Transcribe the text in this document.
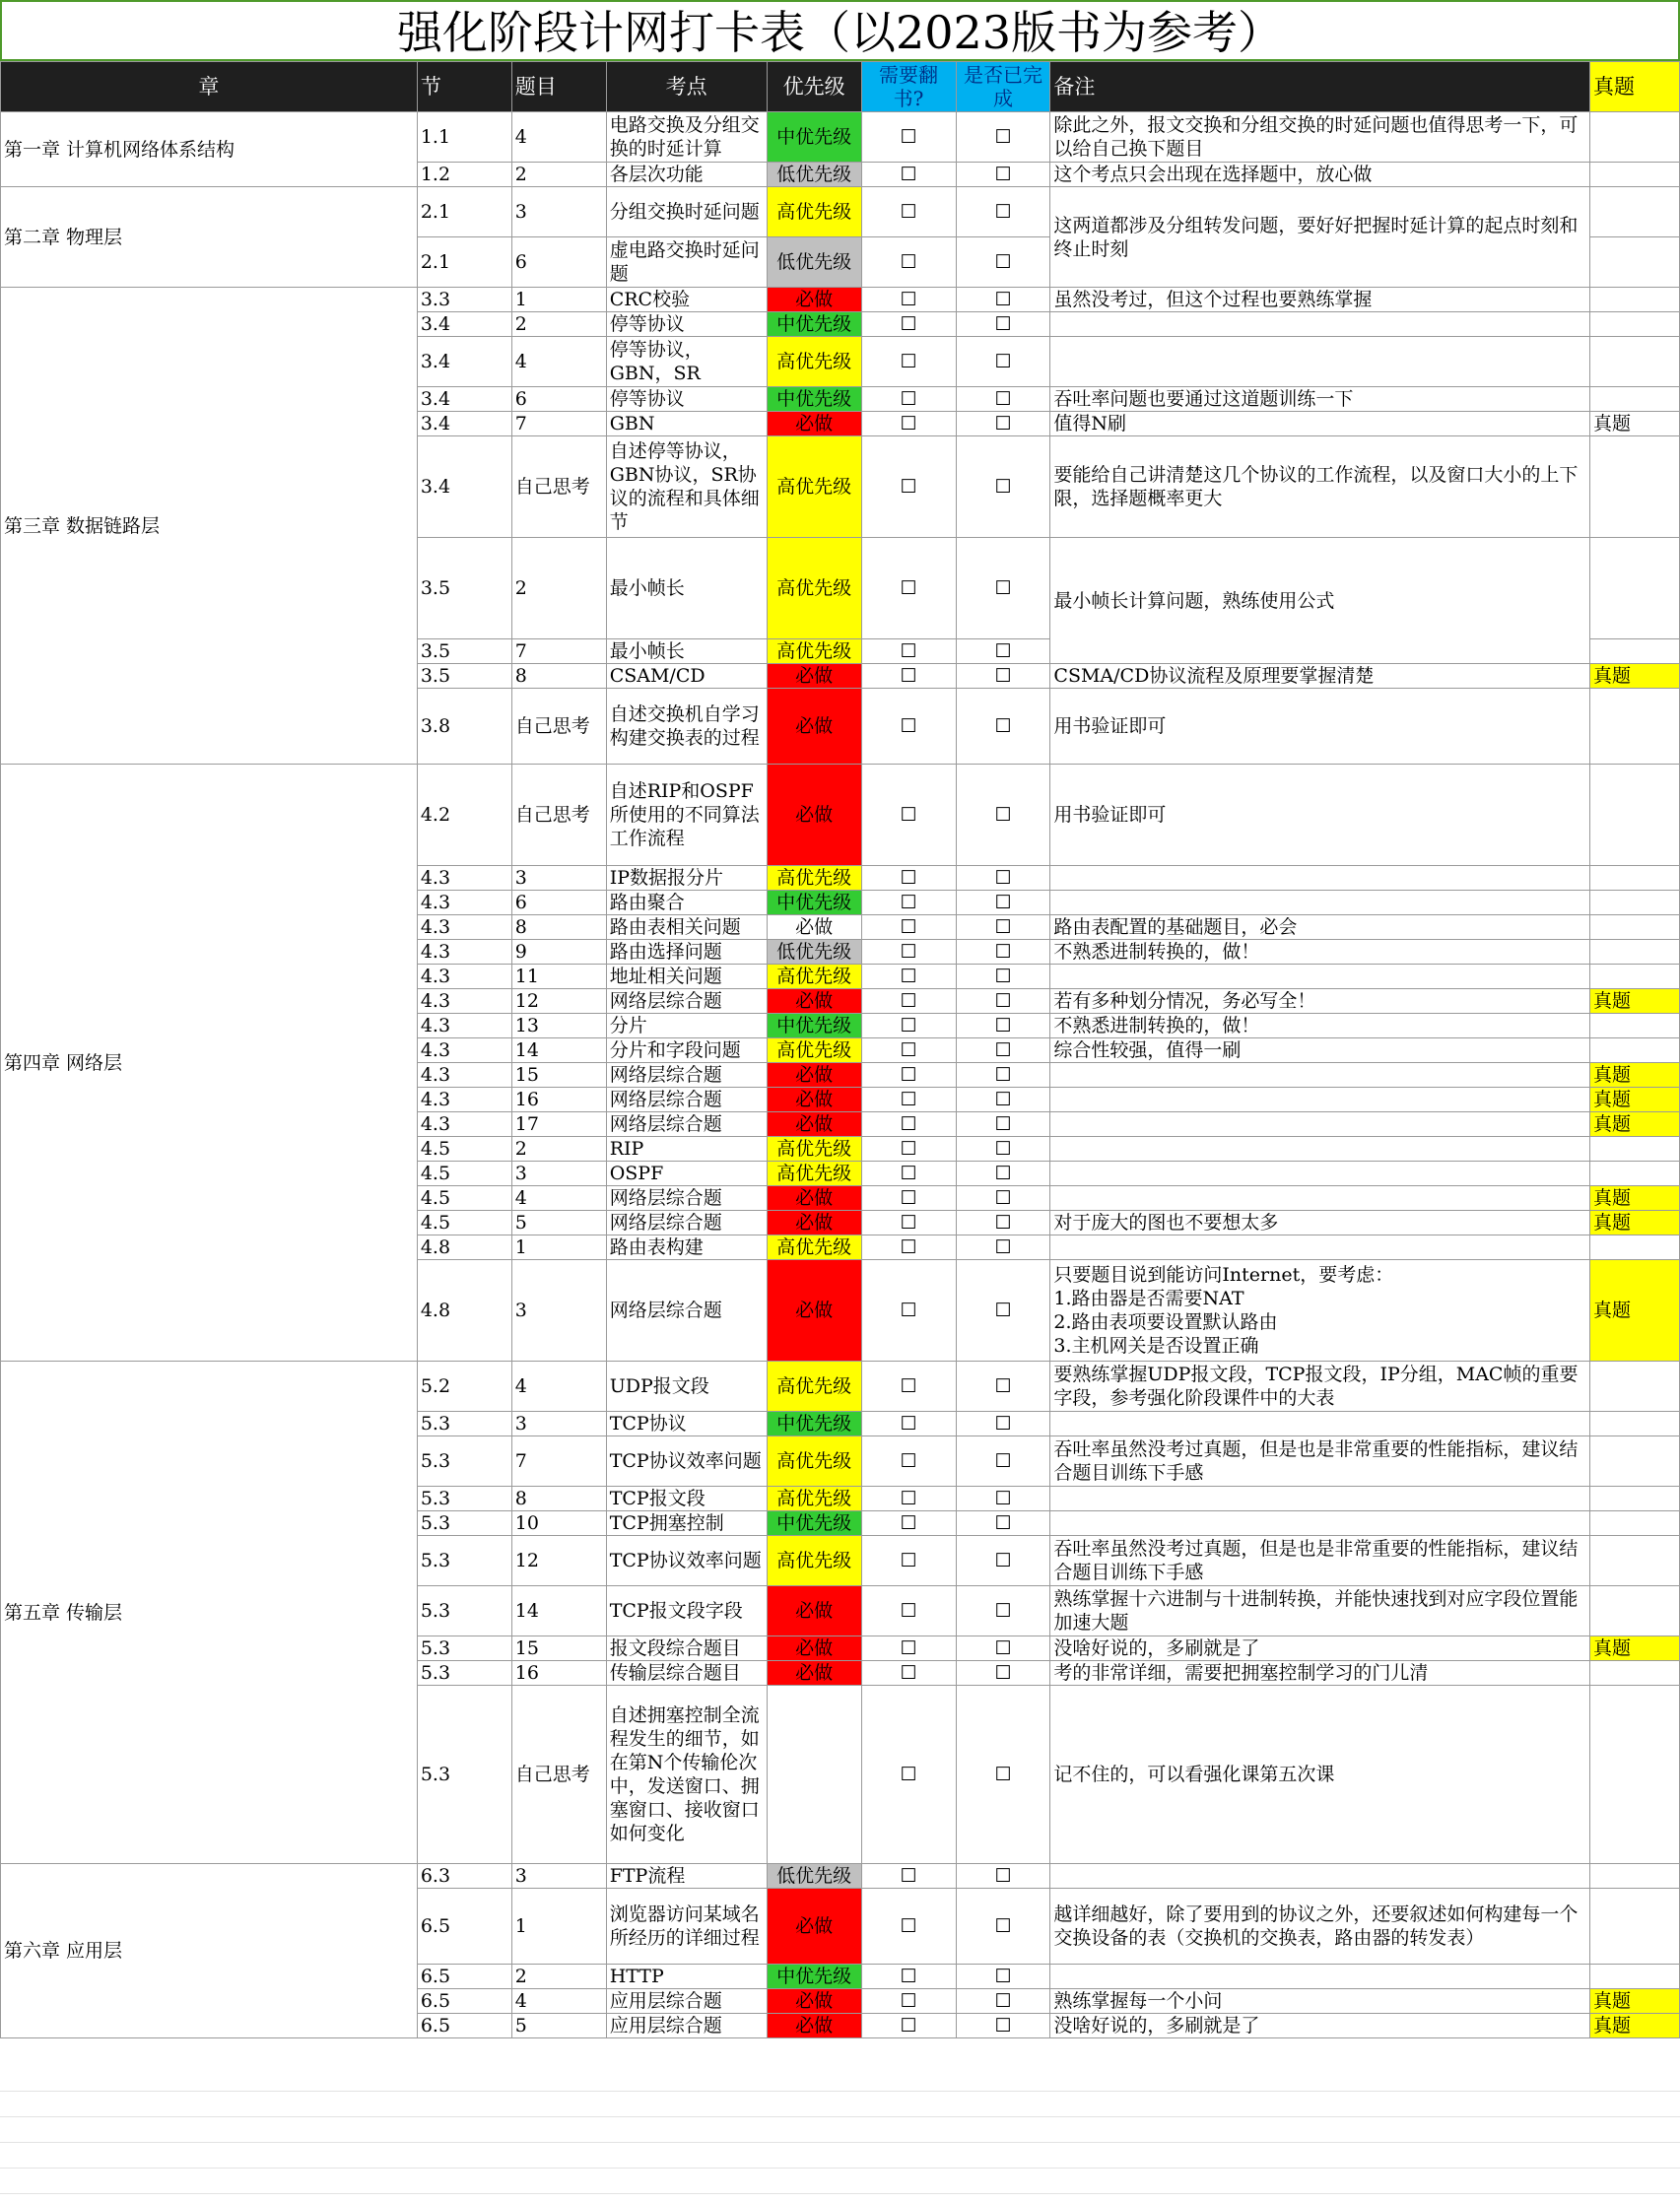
强化阶段计网打卡表（以2023版书为参考）
章	节	题目	考点	优先级	需要翻书?	是否已完成	备注	真题
第一章 计算机网络体系结构	1.1	4	电路交换及分组交换的时延计算	中优先级	☐	☐	除此之外，报文交换和分组交换的时延问题也值得思考一下，可以给自己换下题目	
	1.2	2	各层次功能	低优先级	☐	☐	这个考点只会出现在选择题中，放心做	
第二章 物理层	2.1	3	分组交换时延问题	高优先级	☐	☐	这两道都涉及分组转发问题，要好好把握时延计算的起点时刻和终止时刻	
	2.1	6	虚电路交换时延问题	低优先级	☐	☐		
第三章 数据链路层	3.3	1	CRC校验	必做	☐	☐	虽然没考过，但这个过程也要熟练掌握	
	3.4	2	停等协议	中优先级	☐	☐		
	3.4	4	停等协议，GBN，SR	高优先级	☐	☐		
	3.4	6	停等协议	中优先级	☐	☐	吞吐率问题也要通过这道题训练一下	
	3.4	7	GBN	必做	☐	☐	值得N刷	真题
	3.4	自己思考	自述停等协议，GBN协议，SR协议的流程和具体细节	高优先级	☐	☐	要能给自己讲清楚这几个协议的工作流程，以及窗口大小的上下限，选择题概率更大	
	3.5	2	最小帧长	高优先级	☐	☐	最小帧长计算问题，熟练使用公式	
	3.5	7	最小帧长	高优先级	☐	☐		
	3.5	8	CSAM/CD	必做	☐	☐	CSMA/CD协议流程及原理要掌握清楚	真题
	3.8	自己思考	自述交换机自学习构建交换表的过程	必做	☐	☐	用书验证即可	
第四章 网络层	4.2	自己思考	自述RIP和OSPF所使用的不同算法工作流程	必做	☐	☐	用书验证即可	
	4.3	3	IP数据报分片	高优先级	☐	☐		
	4.3	6	路由聚合	中优先级	☐	☐		
	4.3	8	路由表相关问题	必做	☐	☐	路由表配置的基础题目，必会	
	4.3	9	路由选择问题	低优先级	☐	☐	不熟悉进制转换的，做！	
	4.3	11	地址相关问题	高优先级	☐	☐		
	4.3	12	网络层综合题	必做	☐	☐	若有多种划分情况，务必写全！	真题
	4.3	13	分片	中优先级	☐	☐	不熟悉进制转换的，做！	
	4.3	14	分片和字段问题	高优先级	☐	☐	综合性较强，值得一刷	
	4.3	15	网络层综合题	必做	☐	☐		真题
	4.3	16	网络层综合题	必做	☐	☐		真题
	4.3	17	网络层综合题	必做	☐	☐		真题
	4.5	2	RIP	高优先级	☐	☐		
	4.5	3	OSPF	高优先级	☐	☐		
	4.5	4	网络层综合题	必做	☐	☐		真题
	4.5	5	网络层综合题	必做	☐	☐	对于庞大的图也不要想太多	真题
	4.8	1	路由表构建	高优先级	☐	☐		
	4.8	3	网络层综合题	必做	☐	☐	只要题目说到能访问Internet，要考虑：
1.路由器是否需要NAT
2.路由表项要设置默认路由
3.主机网关是否设置正确	真题
第五章 传输层	5.2	4	UDP报文段	高优先级	☐	☐	要熟练掌握UDP报文段，TCP报文段，IP分组，MAC帧的重要字段，参考强化阶段课件中的大表	
	5.3	3	TCP协议	中优先级	☐	☐		
	5.3	7	TCP协议效率问题	高优先级	☐	☐	吞吐率虽然没考过真题，但是也是非常重要的性能指标，建议结合题目训练下手感	
	5.3	8	TCP报文段	高优先级	☐	☐		
	5.3	10	TCP拥塞控制	中优先级	☐	☐		
	5.3	12	TCP协议效率问题	高优先级	☐	☐	吞吐率虽然没考过真题，但是也是非常重要的性能指标，建议结合题目训练下手感	
	5.3	14	TCP报文段字段	必做	☐	☐	熟练掌握十六进制与十进制转换，并能快速找到对应字段位置能加速大题	
	5.3	15	报文段综合题目	必做	☐	☐	没啥好说的，多刷就是了	真题
	5.3	16	传输层综合题目	必做	☐	☐	考的非常详细，需要把拥塞控制学习的门儿清	
	5.3	自己思考	自述拥塞控制全流程发生的细节，如在第N个传输伦次中，发送窗口、拥塞窗口、接收窗口如何变化		☐	☐	记不住的，可以看强化课第五次课	
第六章 应用层	6.3	3	FTP流程	低优先级	☐	☐		
	6.5	1	浏览器访问某域名所经历的详细过程	必做	☐	☐	越详细越好，除了要用到的协议之外，还要叙述如何构建每一个交换设备的表（交换机的交换表，路由器的转发表）	
	6.5	2	HTTP	中优先级	☐	☐		
	6.5	4	应用层综合题	必做	☐	☐	熟练掌握每一个小问	真题
	6.5	5	应用层综合题	必做	☐	☐	没啥好说的，多刷就是了	真题
